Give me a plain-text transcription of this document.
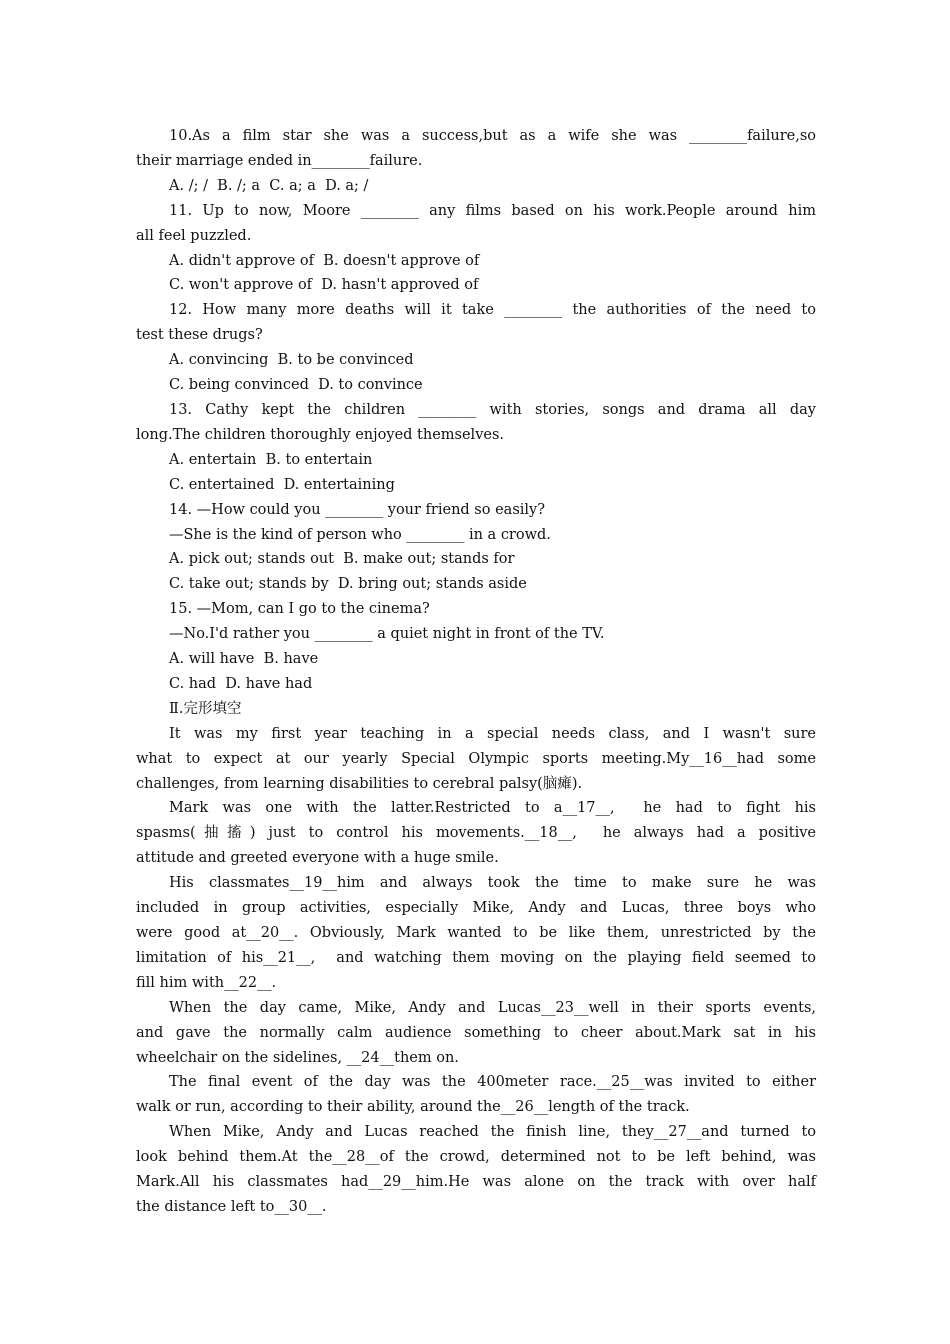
10.As a film star she was a success,but as a wife she was ________failure,so

their marriage ended in________failure.

A. /; /  B. /; a  C. a; a  D. a; /

11. Up to now, Moore ________ any films based on his work.People around him

all feel puzzled.

A. didn't approve of  B. doesn't approve of

C. won't approve of  D. hasn't approved of

12. How many more deaths will it take ________ the authorities of the need to

test these drugs?

A. convincing  B. to be convinced

C. being convinced  D. to convince

13. Cathy kept the children ________ with stories, songs and drama all day

long.The children thoroughly enjoyed themselves.

A. entertain  B. to entertain

C. entertained  D. entertaining

14. —How could you ________ your friend so easily?

—She is the kind of person who ________ in a crowd.

A. pick out; stands out  B. make out; stands for

C. take out; stands by  D. bring out; stands aside

15. —Mom, can I go to the cinema?

—No.I'd rather you ________ a quiet night in front of the TV.

A. will have  B. have

C. had  D. have had

Ⅱ.完形填空

It was my first year teaching in a special needs class, and I wasn't sure

what to expect at our yearly Special Olympic sports meeting.My__16__had some

challenges, from learning disabilities to cerebral palsy(脑瘫).

Mark was one with the latter.Restricted to a__17__,  he had to fight his

spasms(抽搐) just to control his movements.__18__,  he always had a positive

attitude and greeted everyone with a huge smile.

His classmates__19__him and always took the time to make sure he was

included in group activities, especially Mike, Andy and Lucas, three boys who

were good at__20__. Obviously, Mark wanted to be like them, unrestricted by the

limitation of his__21__,  and watching them moving on the playing field seemed to

fill him with__22__.

When the day came, Mike, Andy and Lucas__23__well in their sports events,

and gave the normally calm audience something to cheer about.Mark sat in his

wheelchair on the sidelines, __24__them on.

The final event of the day was the 400meter race.__25__was invited to either

walk or run, according to their ability, around the__26__length of the track.

When Mike, Andy and Lucas reached the finish line, they__27__and turned to

look behind them.At the__28__of the crowd, determined not to be left behind, was

Mark.All his classmates had__29__him.He was alone on the track with over half

the distance left to__30__.
